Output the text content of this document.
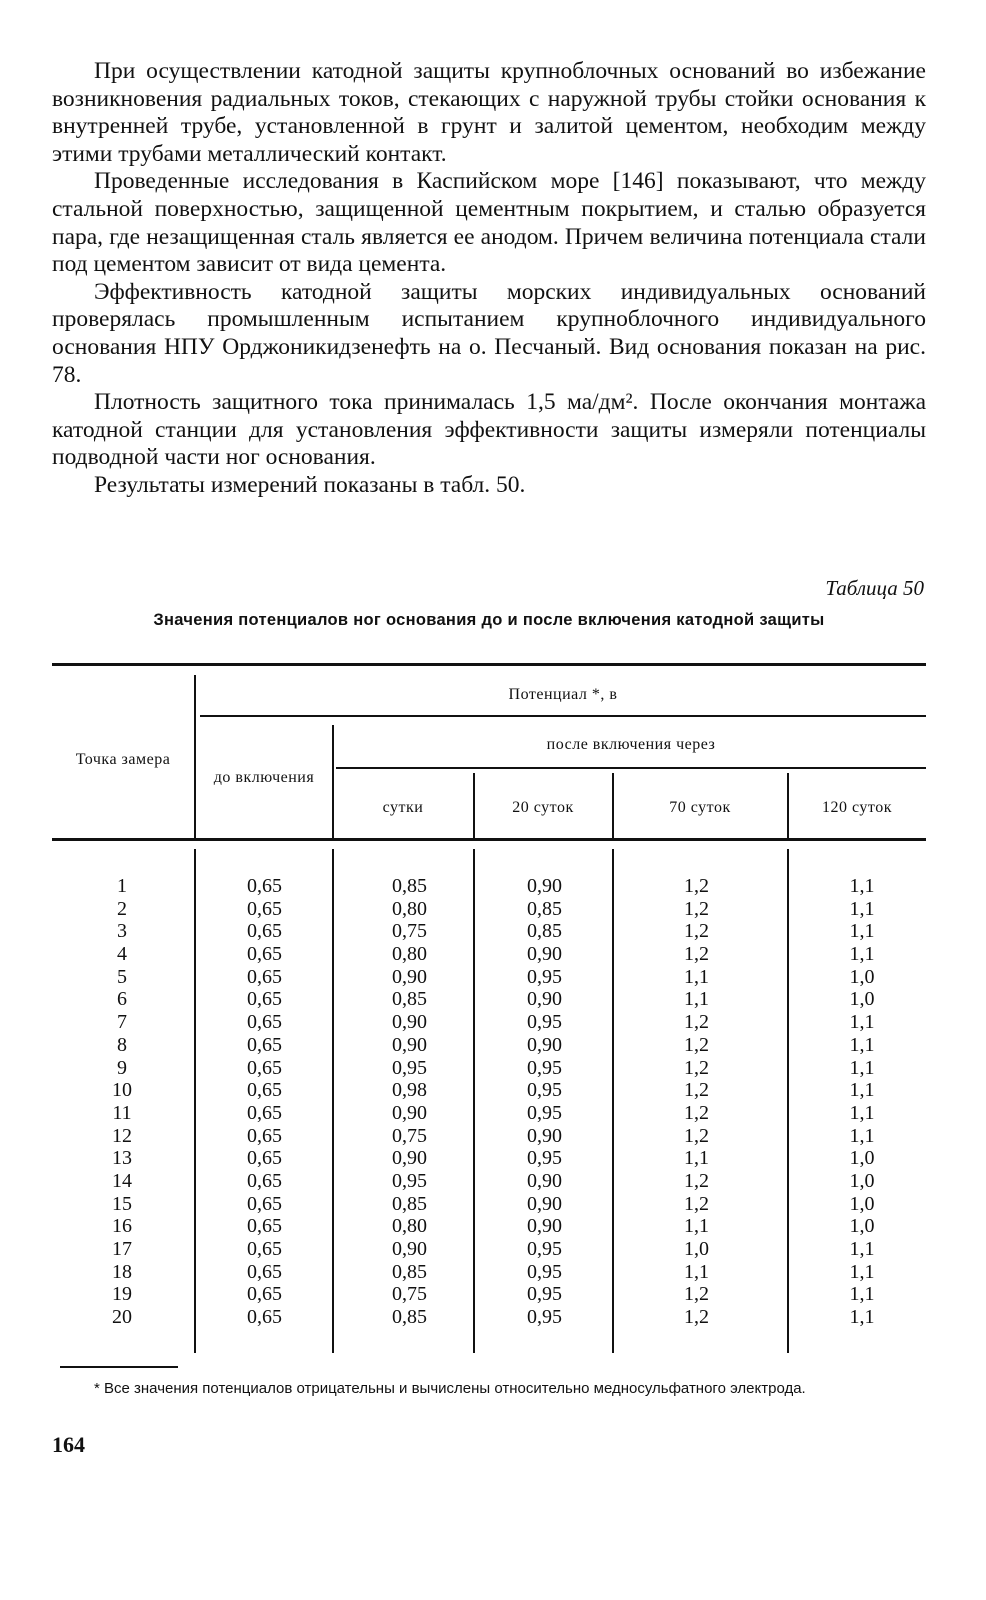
При осуществлении катодной защиты крупноблочных оснований во избежание возникновения радиальных токов, стекающих с наружной трубы стойки основания к внутренней трубе, установленной в грунт и залитой цементом, необходим между этими трубами металлический контакт.

Проведенные исследования в Каспийском море [146] показывают, что между стальной поверхностью, защищенной цементным покрытием, и сталью образуется пара, где незащищенная сталь является ее анодом. Причем величина потенциала стали под цементом зависит от вида цемента.

Эффективность катодной защиты морских индивидуальных оснований проверялась промышленным испытанием крупноблочного индивидуального основания НПУ Орджоникидзенефть на о. Песчаный. Вид основания показан на рис. 78.

Плотность защитного тока принималась 1,5 ма/дм². После окончания монтажа катодной станции для установления эффективности защиты измеряли потенциалы подводной части ног основания.

Результаты измерений показаны в табл. 50.

Таблица 50
Значения потенциалов ног основания до и после включения катодной защиты
Точка замера
Потенциал *, в
до включения
после включения через
сутки	20 суток	70 суток	120 суток
1	0,65	0,85	0,90	1,2	1,1
2	0,65	0,80	0,85	1,2	1,1
3	0,65	0,75	0,85	1,2	1,1
4	0,65	0,80	0,90	1,2	1,1
5	0,65	0,90	0,95	1,1	1,0
6	0,65	0,85	0,90	1,1	1,0
7	0,65	0,90	0,95	1,2	1,1
8	0,65	0,90	0,90	1,2	1,1
9	0,65	0,95	0,95	1,2	1,1
10	0,65	0,98	0,95	1,2	1,1
11	0,65	0,90	0,95	1,2	1,1
12	0,65	0,75	0,90	1,2	1,1
13	0,65	0,90	0,95	1,1	1,0
14	0,65	0,95	0,90	1,2	1,0
15	0,65	0,85	0,90	1,2	1,0
16	0,65	0,80	0,90	1,1	1,0
17	0,65	0,90	0,95	1,0	1,1
18	0,65	0,85	0,95	1,1	1,1
19	0,65	0,75	0,95	1,2	1,1
20	0,65	0,85	0,95	1,2	1,1
* Все значения потенциалов отрицательны и вычислены относительно медносульфатного электрода.
164
